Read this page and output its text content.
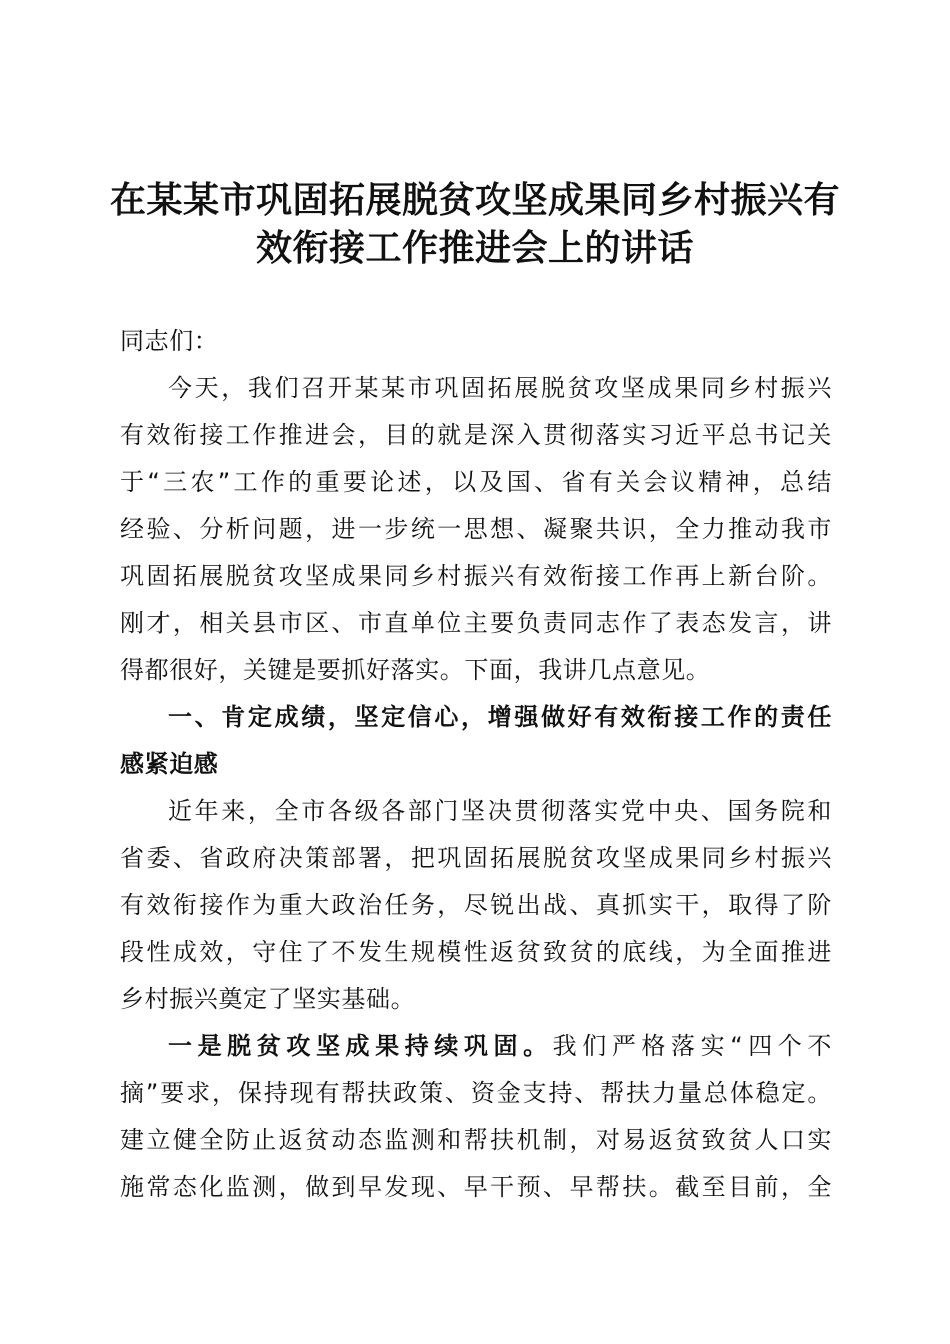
在某某市巩固拓展脱贫攻坚成果同乡村振兴有
效衔接工作推进会上的讲话
同志们：
今天，我们召开某某市巩固拓展脱贫攻坚成果同乡村振兴
有效衔接工作推进会，目的就是深入贯彻落实习近平总书记关
于“三农”工作的重要论述，以及国、省有关会议精神，总结
经验、分析问题，进一步统一思想、凝聚共识，全力推动我市
巩固拓展脱贫攻坚成果同乡村振兴有效衔接工作再上新台阶。
刚才，相关县市区、市直单位主要负责同志作了表态发言，讲
得都很好，关键是要抓好落实。下面，我讲几点意见。
一、肯定成绩，坚定信心，增强做好有效衔接工作的责任
感紧迫感
近年来，全市各级各部门坚决贯彻落实党中央、国务院和
省委、省政府决策部署，把巩固拓展脱贫攻坚成果同乡村振兴
有效衔接作为重大政治任务，尽锐出战、真抓实干，取得了阶
段性成效，守住了不发生规模性返贫致贫的底线，为全面推进
乡村振兴奠定了坚实基础。
一是脱贫攻坚成果持续巩固。我们严格落实“四个不
摘”要求，保持现有帮扶政策、资金支持、帮扶力量总体稳定。
建立健全防止返贫动态监测和帮扶机制，对易返贫致贫人口实
施常态化监测，做到早发现、早干预、早帮扶。截至目前，全
